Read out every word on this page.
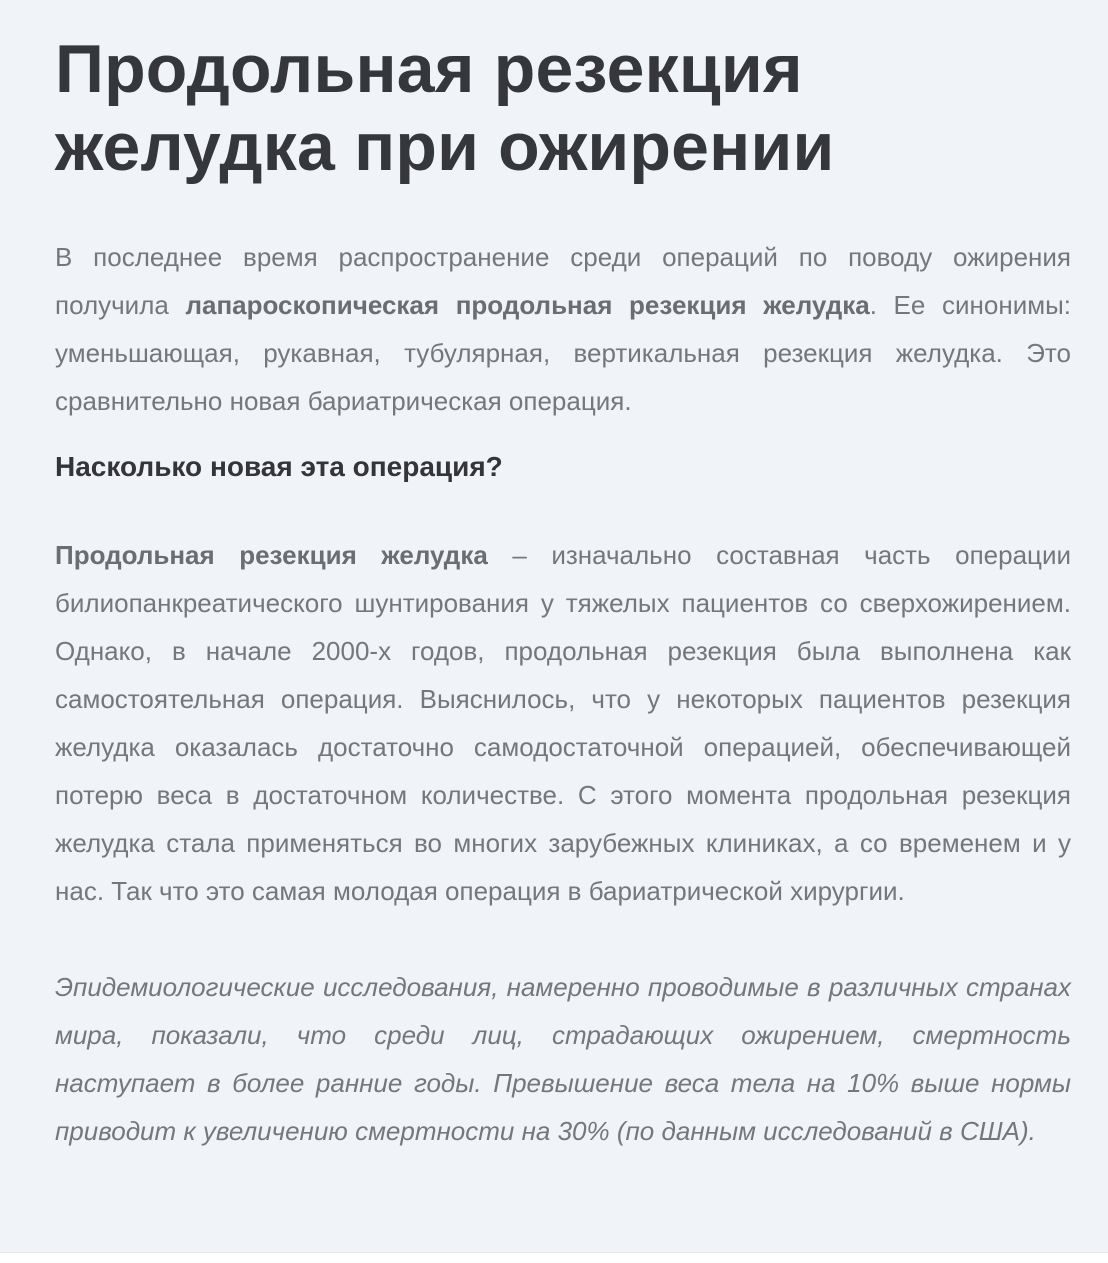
Продольная резекция желудка при ожирении

В последнее время распространение среди операций по поводу ожирения получила лапароскопическая продольная резекция желудка. Ее синонимы: уменьшающая, рукавная, тубулярная, вертикальная резекция желудка. Это сравнительно новая бариатрическая операция.

Насколько новая эта операция?

Продольная резекция желудка – изначально составная часть операции билиопанкреатического шунтирования у тяжелых пациентов со сверхожирением. Однако, в начале 2000-х годов, продольная резекция была выполнена как самостоятельная операция. Выяснилось, что у некоторых пациентов резекция желудка оказалась достаточно самодостаточной операцией, обеспечивающей потерю веса в достаточном количестве. С этого момента продольная резекция желудка стала применяться во многих зарубежных клиниках, а со временем и у нас. Так что это самая молодая операция в бариатрической хирургии.

Эпидемиологические исследования, намеренно проводимые в различных странах мира, показали, что среди лиц, страдающих ожирением, смертность наступает в более ранние годы. Превышение веса тела на 10% выше нормы приводит к увеличению смертности на 30% (по данным исследований в США).
